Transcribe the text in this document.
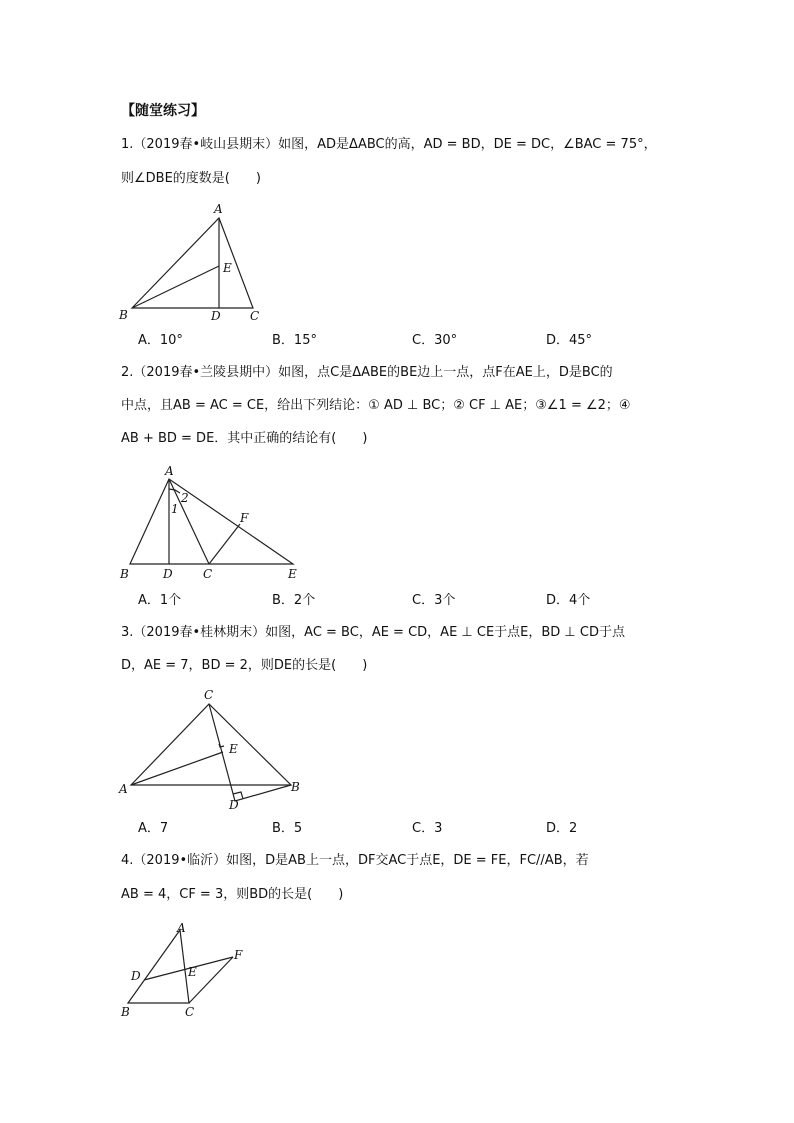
【随堂练习】
1.（2019春•岐山县期末）如图，AD是ΔABC的高，AD = BD，DE = DC，∠BAC = 75°，
则∠DBE的度数是(　　)
A
E
B	D C
A．10°	B．15°	C．30°	D．45°
2.（2019春•兰陵县期中）如图，点C是ΔABE的BE边上一点，点F在AE上，D是BC的
中点，且AB = AC = CE，给出下列结论：① AD ⊥ BC；② CF ⊥ AE；③∠1 = ∠2；④
AB + BD = DE．其中正确的结论有(　　)
A
2
1
F
B	D	C	E
A．1个	B．2个	C．3个	D．4个
3.（2019春•桂林期末）如图，AC = BC，AE = CD，AE ⊥ CE于点E，BD ⊥ CD于点
D，AE = 7，BD = 2，则DE的长是(　　)
C
E
A	B
D
A．7	B．5	C．3	D．2
4.（2019•临沂）如图，D是AB上一点，DF交AC于点E，DE = FE，FC//AB，若
AB = 4，CF = 3，则BD的长是(　　)
A
F
D	E
B	C
